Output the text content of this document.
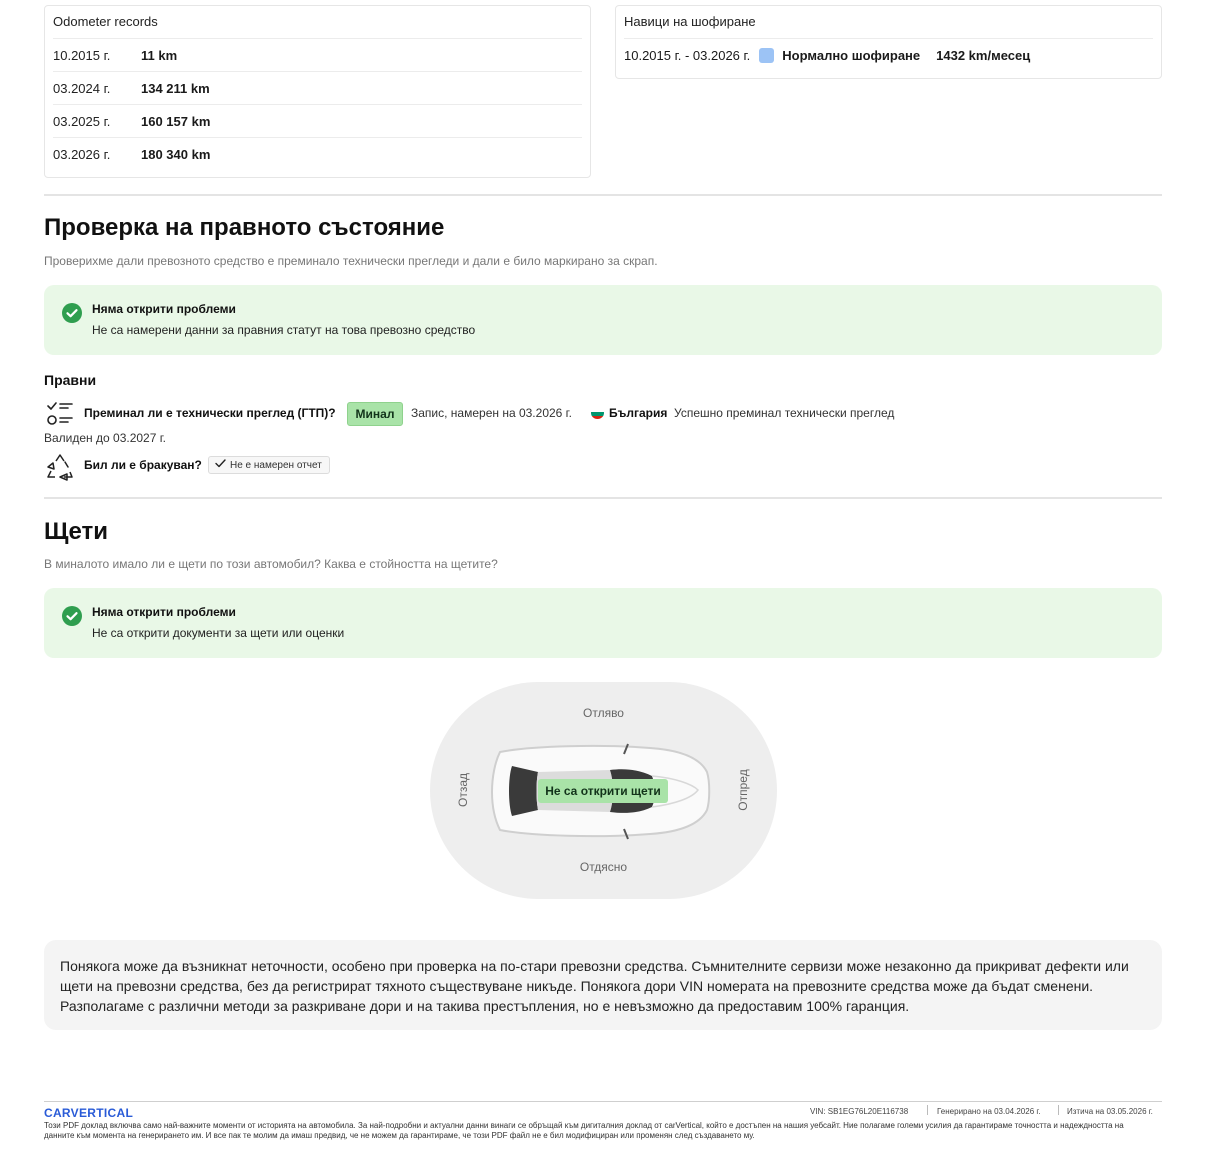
Odometer records
10.2015 г.	11 km
03.2024 г.	134 211 km
03.2025 г.	160 157 km
03.2026 г.	180 340 km
Навици на шофиране
10.2015 г. - 03.2026 г. Нормално шофиране 1432 km/месец
Проверка на правното състояние
Проверихме дали превозното средство е преминало технически прегледи и дали е било маркирано за скрап.
Няма открити проблеми
Не са намерени данни за правния статут на това превозно средство
Правни
Преминал ли е технически преглед (ГТП)?	Минал	Запис, намерен на 03.2026 г.	България Успешно преминал технически преглед
Валиден до 03.2027 г.
Бил ли е бракуван?	Не е намерен отчет
Щети
В миналото имало ли е щети по този автомобил? Каква е стойността на щетите?
Няма открити проблеми
Не са открити документи за щети или оценки
Отляво
Отдясно
Отзад	Отпред
Не са открити щети
Понякога може да възникнат неточности, особено при проверка на по-стари превозни средства. Съмнителните сервизи може незаконно да прикриват дефекти или щети на превозни средства, без да регистрират тяхното съществуване никъде. Понякога дори VIN номерата на превозните средства може да бъдат сменени. Разполагаме с различни методи за разкриване дори и на такива престъпления, но е невъзможно да предоставим 100% гаранция.
CARVERTICAL	VIN: SB1EG76L20E116738	Генерирано на 03.04.2026 г.	Изтича на 03.05.2026 г.
Този PDF доклад включва само най-важните моменти от историята на автомобила. За най-подробни и актуални данни винаги се обръщай към дигиталния доклад от carVertical, който е достъпен на нашия уебсайт. Ние полагаме големи усилия да гарантираме точността и надеждността на данните към момента на генерирането им. И все пак те молим да имаш предвид, че не можем да гарантираме, че този PDF файл не е бил модифициран или променян след създаването му.
